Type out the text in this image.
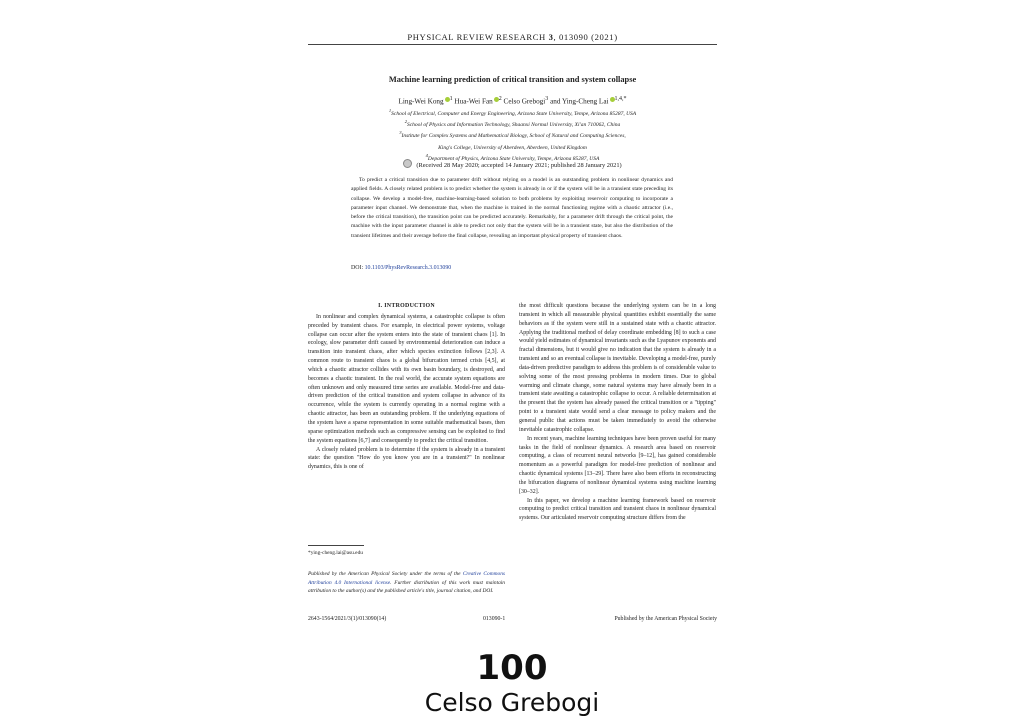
PHYSICAL REVIEW RESEARCH 3, 013090 (2021)
Machine learning prediction of critical transition and system collapse
Ling-Wei Kong $^1$ Hua-Wei Fan $^2$ Celso Grebogi$^3$ and Ying-Cheng Lai $^{1,4,*}$
$^1$School of Electrical, Computer and Energy Engineering, Arizona State University, Tempe, Arizona 85287, USA
$^2$School of Physics and Information Technology, Shaanxi Normal University, Xi'an 710062, China
$^3$Institute for Complex Systems and Mathematical Biology, School of Natural and Computing Sciences,
King's College, University of Aberdeen, Aberdeen, United Kingdom
$^4$Department of Physics, Arizona State University, Tempe, Arizona 85287, USA
(Received 28 May 2020; accepted 14 January 2021; published 28 January 2021)
To predict a critical transition due to parameter drift without relying on a model is an outstanding problem in nonlinear dynamics and applied fields. A closely related problem is to predict whether the system is already in or if the system will be in a transient state preceding its collapse. We develop a model-free, machine-learning-based solution to both problems by exploiting reservoir computing to incorporate a parameter input channel. We demonstrate that, when the machine is trained in the normal functioning regime with a chaotic attractor (i.e., before the critical transition), the transition point can be predicted accurately. Remarkably, for a parameter drift through the critical point, the machine with the input parameter channel is able to predict not only that the system will be in a transient state, but also the distribution of the transient lifetimes and their average before the final collapse, revealing an important physical property of transient chaos.
DOI: 10.1103/PhysRevResearch.3.013090
I. INTRODUCTION

In nonlinear and complex dynamical systems, a catastrophic collapse is often preceded by transient chaos. For example, in electrical power systems, voltage collapse can occur after the system enters into the state of transient chaos [1]. In ecology, slow parameter drift caused by environmental deterioration can induce a transition into transient chaos, after which species extinction follows [2,3]. A common route to transient chaos is a global bifurcation termed crisis [4,5], at which a chaotic attractor collides with its own basin boundary, is destroyed, and becomes a chaotic transient. In the real world, the accurate system equations are often unknown and only measured time series are available. Model-free and data-driven prediction of the critical transition and system collapse in advance of its occurrence, while the system is currently operating in a normal regime with a chaotic attractor, has been an outstanding problem. If the underlying equations of the system have a sparse representation in some suitable mathematical bases, then sparse optimization methods such as compressive sensing can be exploited to find the system equations [6,7] and consequently to predict the critical transition.

A closely related problem is to determine if the system is already in a transient state: the question "How do you know you are in a transient?" In nonlinear dynamics, this is one of

the most difficult questions because the underlying system can be in a long transient in which all measurable physical quantities exhibit essentially the same behaviors as if the system were still in a sustained state with a chaotic attractor. Applying the traditional method of delay coordinate embedding [8] to such a case would yield estimates of dynamical invariants such as the Lyapunov exponents and fractal dimensions, but it would give no indication that the system is already in a transient and so an eventual collapse is inevitable. Developing a model-free, purely data-driven predictive paradigm to address this problem is of considerable value to solving some of the most pressing problems in modern times. Due to global warming and climate change, some natural systems may have already been in a transient state awaiting a catastrophic collapse to occur. A reliable determination at the present that the system has already passed the critical transition or a "tipping" point to a transient state would send a clear message to policy makers and the general public that actions must be taken immediately to avoid the otherwise inevitable catastrophic collapse.

In recent years, machine learning techniques have been proven useful for many tasks in the field of nonlinear dynamics. A research area based on reservoir computing, a class of recurrent neural networks [9–12], has gained considerable momentum as a powerful paradigm for model-free prediction of nonlinear and chaotic dynamical systems [13–29]. There have also been efforts in reconstructing the bifurcation diagrams of nonlinear dynamical systems using machine learning [30–32].

In this paper, we develop a machine learning framework based on reservoir computing to predict critical transition and transient chaos in nonlinear dynamical systems. Our articulated reservoir computing structure differs from the

*ying-cheng.lai@asu.edu
Published by the American Physical Society under the terms of the Creative Commons Attribution 4.0 International license. Further distribution of this work must maintain attribution to the author(s) and the published article's title, journal citation, and DOI.
2643-1564/2021/3(1)/013090(14)	013090-1	Published by the American Physical Society
100
Celso Grebogi
